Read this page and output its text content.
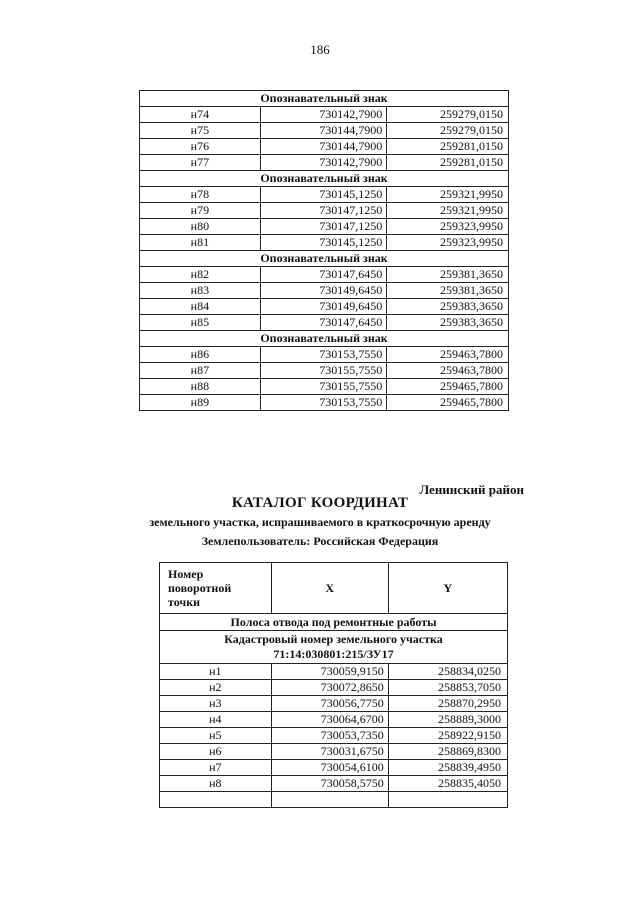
186
Опознавательный знак		
н74	730142,7900	259279,0150
н75	730144,7900	259279,0150
н76	730144,7900	259281,0150
н77	730142,7900	259281,0150
Опознавательный знак		
н78	730145,1250	259321,9950
н79	730147,1250	259321,9950
н80	730147,1250	259323,9950
н81	730145,1250	259323,9950
Опознавательный знак		
н82	730147,6450	259381,3650
н83	730149,6450	259381,3650
н84	730149,6450	259383,3650
н85	730147,6450	259383,3650
Опознавательный знак		
н86	730153,7550	259463,7800
н87	730155,7550	259463,7800
н88	730155,7550	259465,7800
н89	730153,7550	259465,7800
Ленинский район
КАТАЛОГ КООРДИНАТ
земельного участка, испрашиваемого в краткосрочную аренду
Землепользователь: Российская Федерация
Номер
поворотной
точки	X	Y
Полоса отвода под ремонтные работы		
Кадастровый номер земельного участка
71:14:030801:215/ЗУ17		
н1	730059,9150	258834,0250
н2	730072,8650	258853,7050
н3	730056,7750	258870,2950
н4	730064,6700	258889,3000
н5	730053,7350	258922,9150
н6	730031,6750	258869,8300
н7	730054,6100	258839,4950
н8	730058,5750	258835,4050
